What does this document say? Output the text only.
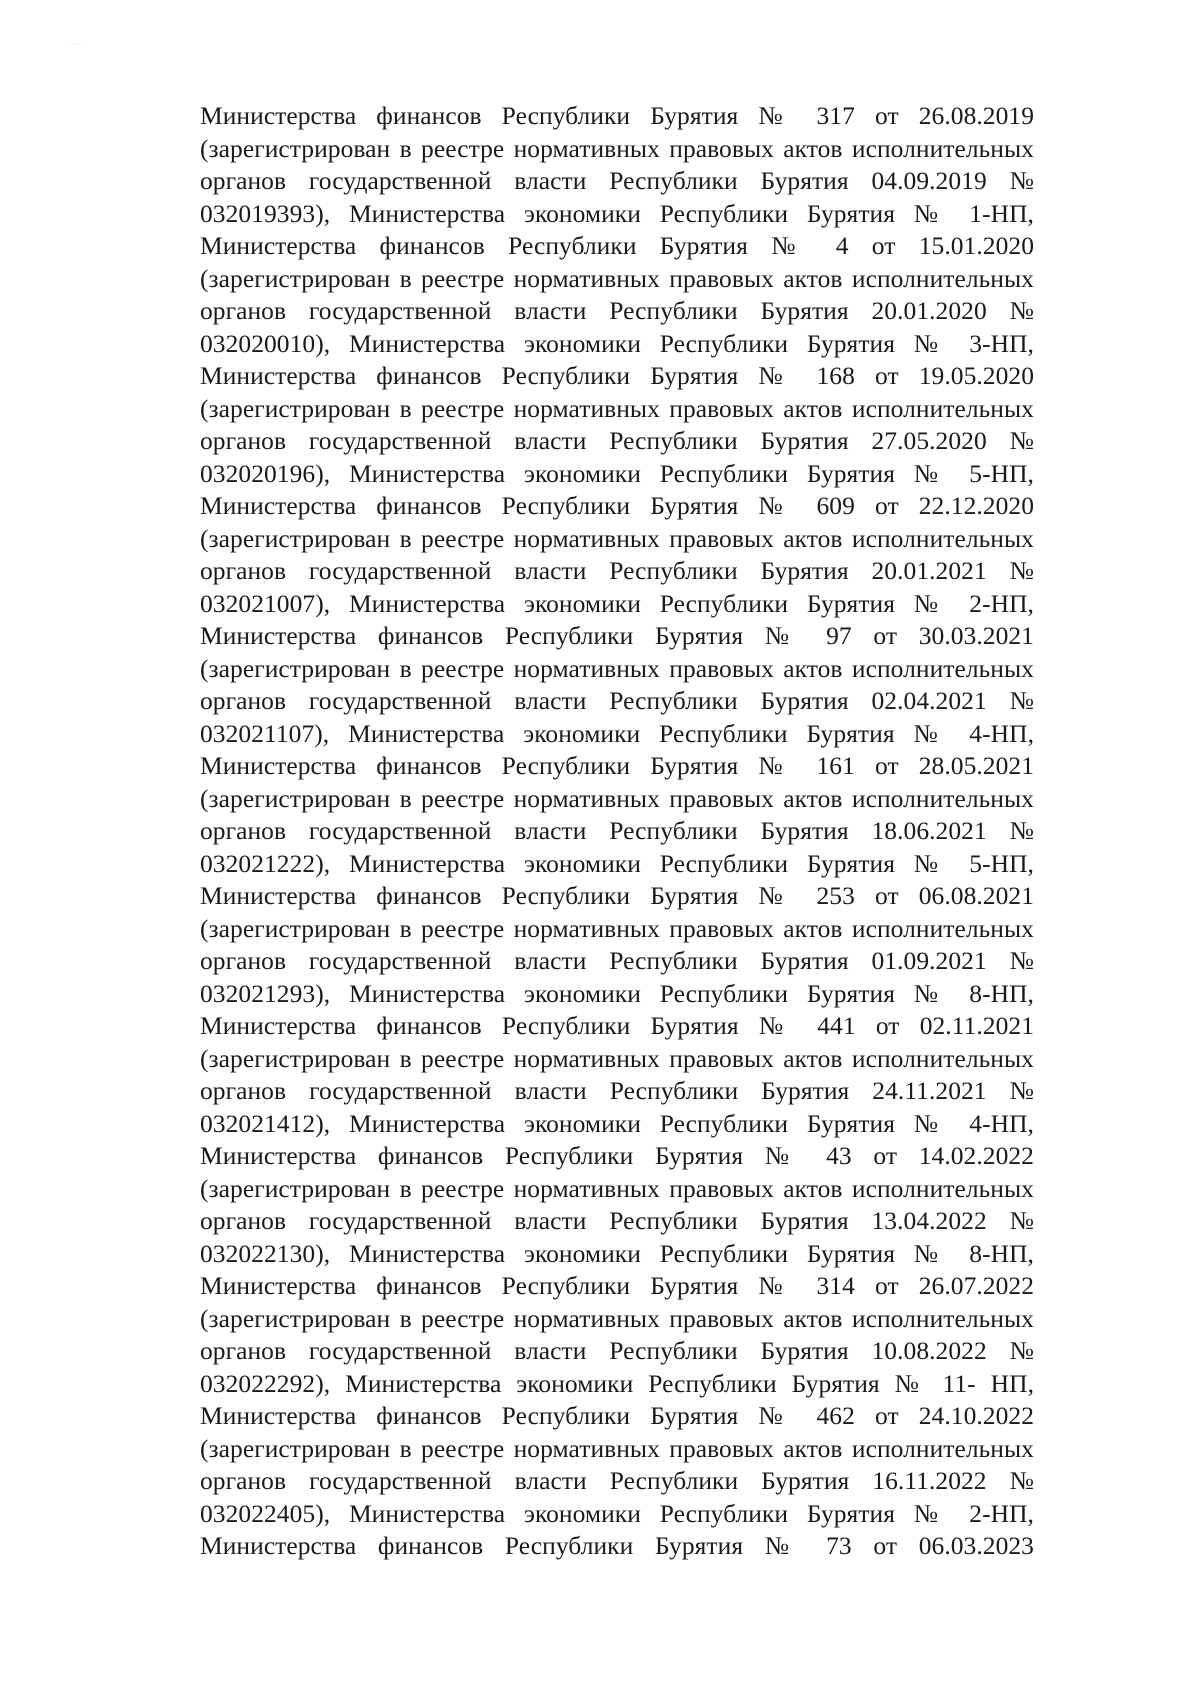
Министерства финансов Республики Бурятия № 317 от 26.08.2019
(зарегистрирован в реестре нормативных правовых актов исполнительных
органов государственной власти Республики Бурятия 04.09.2019 №
032019393), Министерства экономики Республики Бурятия № 1-НП,
Министерства финансов Республики Бурятия № 4 от 15.01.2020
(зарегистрирован в реестре нормативных правовых актов исполнительных
органов государственной власти Республики Бурятия 20.01.2020 №
032020010), Министерства экономики Республики Бурятия № 3-НП,
Министерства финансов Республики Бурятия № 168 от 19.05.2020
(зарегистрирован в реестре нормативных правовых актов исполнительных
органов государственной власти Республики Бурятия 27.05.2020 №
032020196), Министерства экономики Республики Бурятия № 5-НП,
Министерства финансов Республики Бурятия № 609 от 22.12.2020
(зарегистрирован в реестре нормативных правовых актов исполнительных
органов государственной власти Республики Бурятия 20.01.2021 №
032021007), Министерства экономики Республики Бурятия № 2-НП,
Министерства финансов Республики Бурятия № 97 от 30.03.2021
(зарегистрирован в реестре нормативных правовых актов исполнительных
органов государственной власти Республики Бурятия 02.04.2021 №
032021107), Министерства экономики Республики Бурятия № 4-НП,
Министерства финансов Республики Бурятия № 161 от 28.05.2021
(зарегистрирован в реестре нормативных правовых актов исполнительных
органов государственной власти Республики Бурятия 18.06.2021 №
032021222), Министерства экономики Республики Бурятия № 5-НП,
Министерства финансов Республики Бурятия № 253 от 06.08.2021
(зарегистрирован в реестре нормативных правовых актов исполнительных
органов государственной власти Республики Бурятия 01.09.2021 №
032021293), Министерства экономики Республики Бурятия № 8-НП,
Министерства финансов Республики Бурятия № 441 от 02.11.2021
(зарегистрирован в реестре нормативных правовых актов исполнительных
органов государственной власти Республики Бурятия 24.11.2021 №
032021412), Министерства экономики Республики Бурятия № 4-НП,
Министерства финансов Республики Бурятия № 43 от 14.02.2022
(зарегистрирован в реестре нормативных правовых актов исполнительных
органов государственной власти Республики Бурятия 13.04.2022 №
032022130), Министерства экономики Республики Бурятия № 8-НП,
Министерства финансов Республики Бурятия № 314 от 26.07.2022
(зарегистрирован в реестре нормативных правовых актов исполнительных
органов государственной власти Республики Бурятия 10.08.2022 №
032022292), Министерства экономики Республики Бурятия № 11- НП,
Министерства финансов Республики Бурятия № 462 от 24.10.2022
(зарегистрирован в реестре нормативных правовых актов исполнительных
органов государственной власти Республики Бурятия 16.11.2022 №
032022405), Министерства экономики Республики Бурятия № 2-НП,
Министерства финансов Республики Бурятия № 73 от 06.03.2023
